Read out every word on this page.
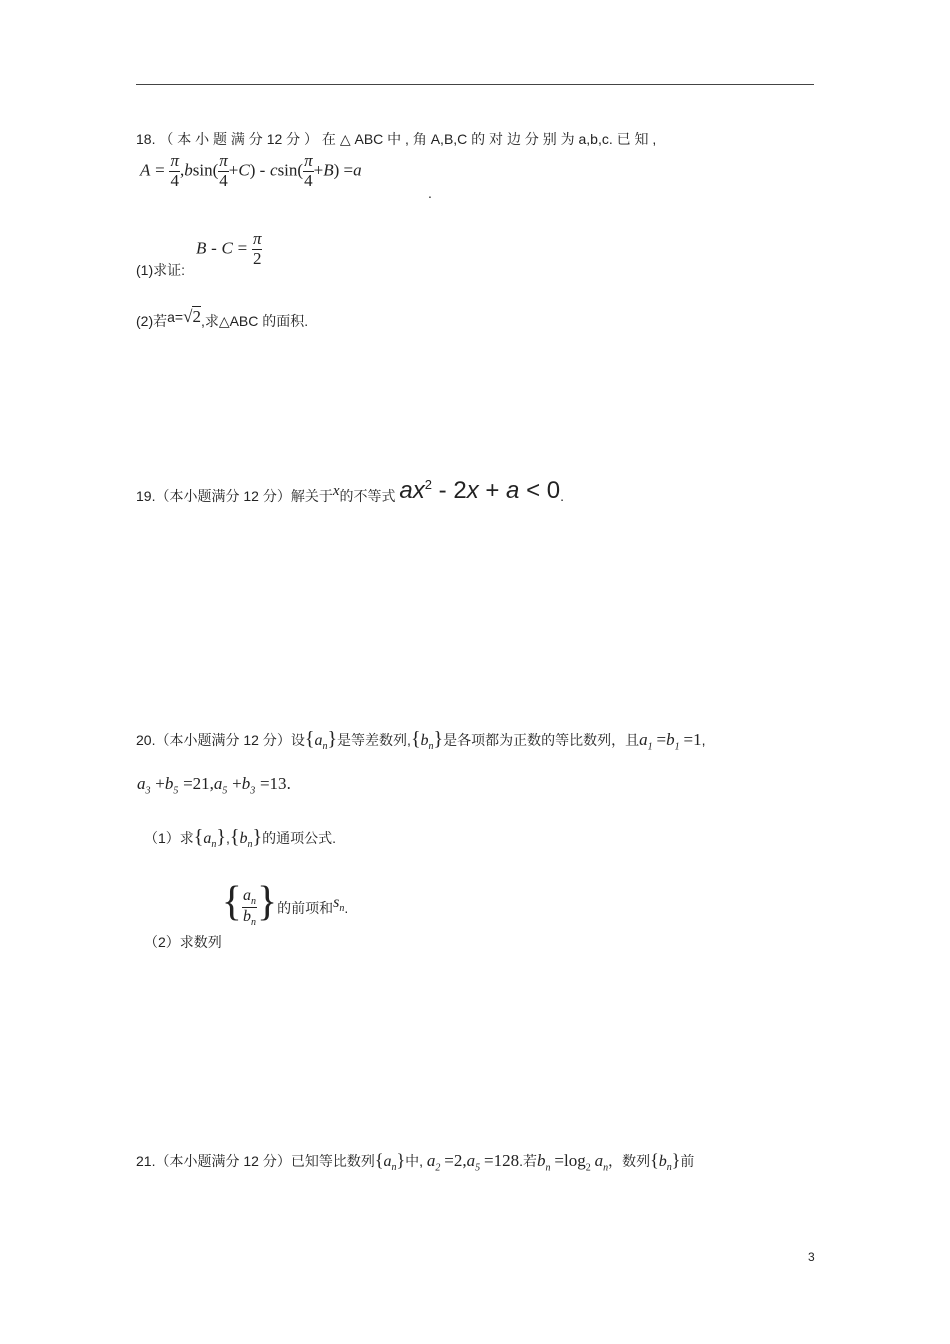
18. （ 本 小 题 满 分 12 分 ） 在 △ ABC 中 , 角 A,B,C 的 对 边 分 别 为 a,b,c. 已 知 ,
$A = \frac{\pi}{4} ,bsin( \frac{\pi}{4} +C) - csin( \frac{\pi}{4} +B) =a$
.
$B - C = \frac{\pi}{2}$
(1)求证:
(2)若a=√2,求△ABC 的面积.
19.（本小题满分 12 分）解关于x的不等式 $ax^2 - 2x + a < 0$.
20.（本小题满分 12 分）设$\{a_n\}$是等差数列$,\{b_n\}$是各项都为正数的等比数列，且$a_1 =b_1 =1$,
$a_3 +b_5 =21,a_5 +b_3 =13$.
（1）求$\{a_n\},\{b_n\}$的通项公式.
（2）求数列{ $\frac{a_n}{b_n}$ }的前项和$s_n$.
21.（本小题满分 12 分）已知等比数列$\{a_n\}$中, $a_2 =2,a_5 =128$.若$b_n =\log_2$ $a_n$，数列$\{b_n\}$前
3
